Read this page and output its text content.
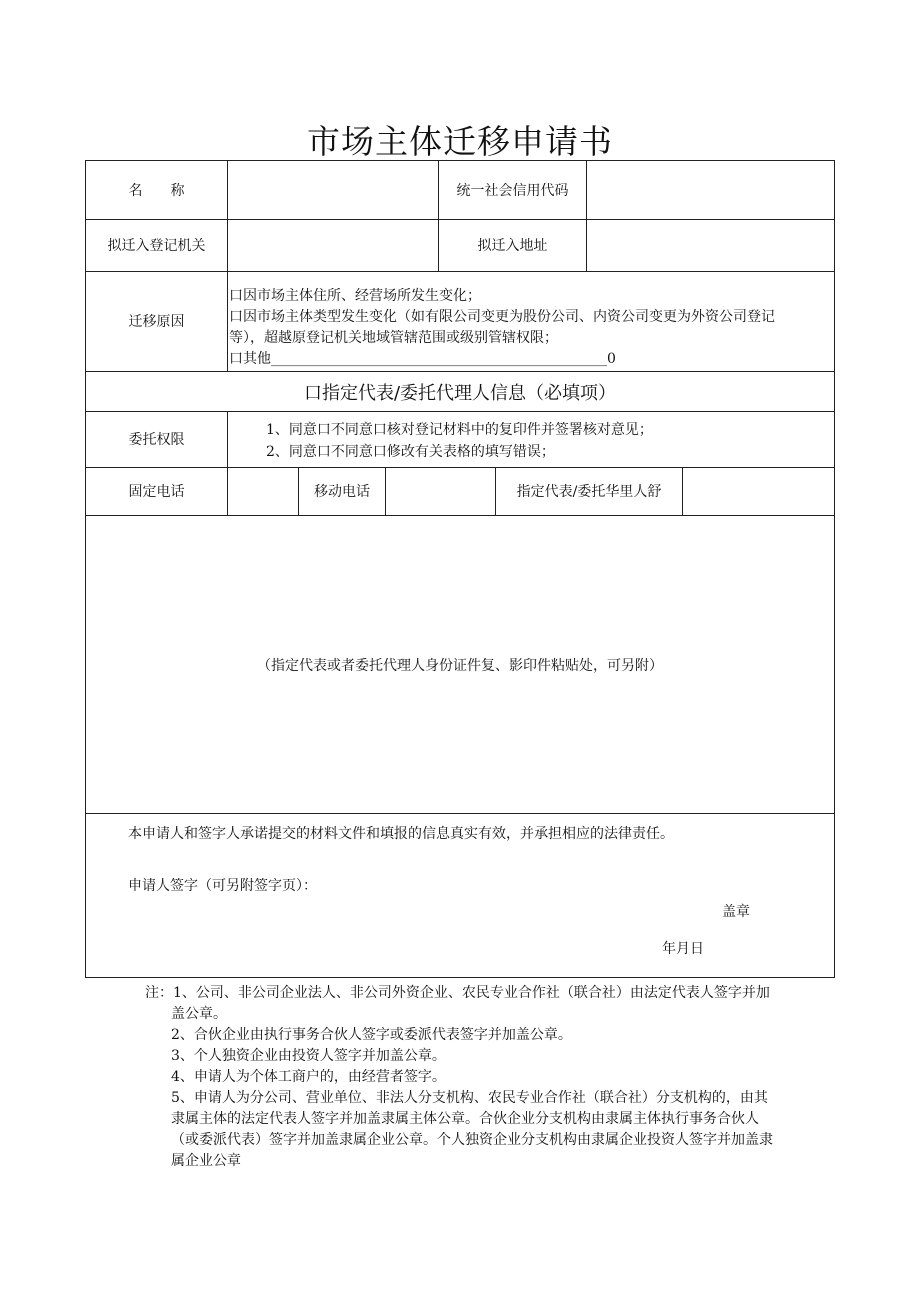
市场主体迁移申请书
名　　称	统一社会信用代码
拟迁入登记机关	拟迁入地址
迁移原因
口因市场主体住所、经营场所发生变化；
口因市场主体类型发生变化（如有限公司变更为股份公司、内资公司变更为外资公司登记
等），超越原登记机关地域管辖范围或级别管辖权限；
口其他________________________________________________0
口指定代表/委托代理人信息（必填项）
委托权限
1、同意口不同意口核对登记材料中的复印件并签署核对意见；
2、同意口不同意口修改有关表格的填写错误；
固定电话	移动电话	指定代表/委托华里人舒
（指定代表或者委托代理人身份证件复、影印件粘贴处，可另附）
本申请人和签字人承诺提交的材料文件和填报的信息真实有效，并承担相应的法律责任。
申请人签字（可另附签字页）：
盖章
年月日
注：1、公司、非公司企业法人、非公司外资企业、农民专业合作社（联合社）由法定代表人签字并加
盖公章。
2、合伙企业由执行事务合伙人签字或委派代表签字并加盖公章。
3、个人独资企业由投资人签字并加盖公章。
4、申请人为个体工商户的，由经营者签字。
5、申请人为分公司、营业单位、非法人分支机构、农民专业合作社（联合社）分支机构的，由其
隶属主体的法定代表人签字并加盖隶属主体公章。合伙企业分支机构由隶属主体执行事务合伙人
（或委派代表）签字并加盖隶属企业公章。个人独资企业分支机构由隶属企业投资人签字并加盖隶
属企业公章
